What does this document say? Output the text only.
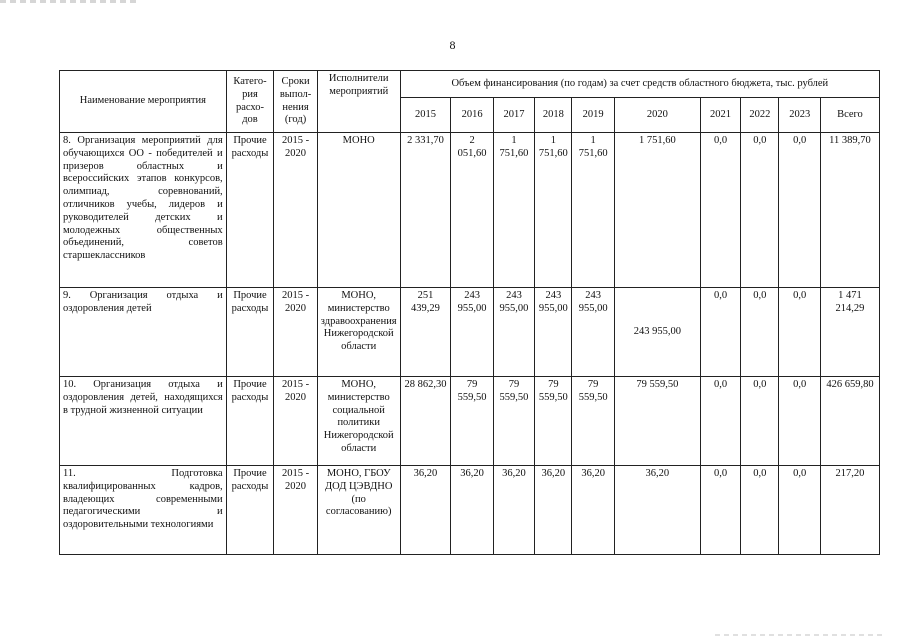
8
Наименование мероприятия	Катего-рия расхо-дов	Сроки выпол-нения (год)	Исполнители мероприятий	Объем финансирования (по годам) за счет средств областного бюджета, тыс. рублей									
				2015	2016	2017	2018	2019	2020	2021	2022	2023	Всего
8. Организация мероприятий для обучающихся ОО - победителей и призеров областных и всероссийских этапов конкурсов, олимпиад, соревнований, отличников учебы, лидеров и руководителей детских и молодежных общественных объединений, советов старшеклассников	Прочие расходы	2015 - 2020	МОНО	2 331,70	2 051,60	1 751,60	1 751,60	1 751,60	1 751,60	0,0	0,0	0,0	11 389,70
9. Организация отдыха и оздоровления детей	Прочие расходы	2015 - 2020	МОНО, министерство здравоохранения Нижегородской области	251 439,29	243 955,00	243 955,00	243 955,00	243 955,00	243 955,00	0,0	0,0	0,0	1 471 214,29
10. Организация отдыха и оздоровления детей, находящихся в трудной жизненной ситуации	Прочие расходы	2015 - 2020	МОНО, министерство социальной политики Нижегородской области	28 862,30	79 559,50	79 559,50	79 559,50	79 559,50	79 559,50	0,0	0,0	0,0	426 659,80
11. Подготовка квалифицированных кадров, владеющих современными педагогическими и оздоровительными технологиями	Прочие расходы	2015 - 2020	МОНО, ГБОУ ДОД ЦЭВДНО (по согласованию)	36,20	36,20	36,20	36,20	36,20	36,20	0,0	0,0	0,0	217,20
